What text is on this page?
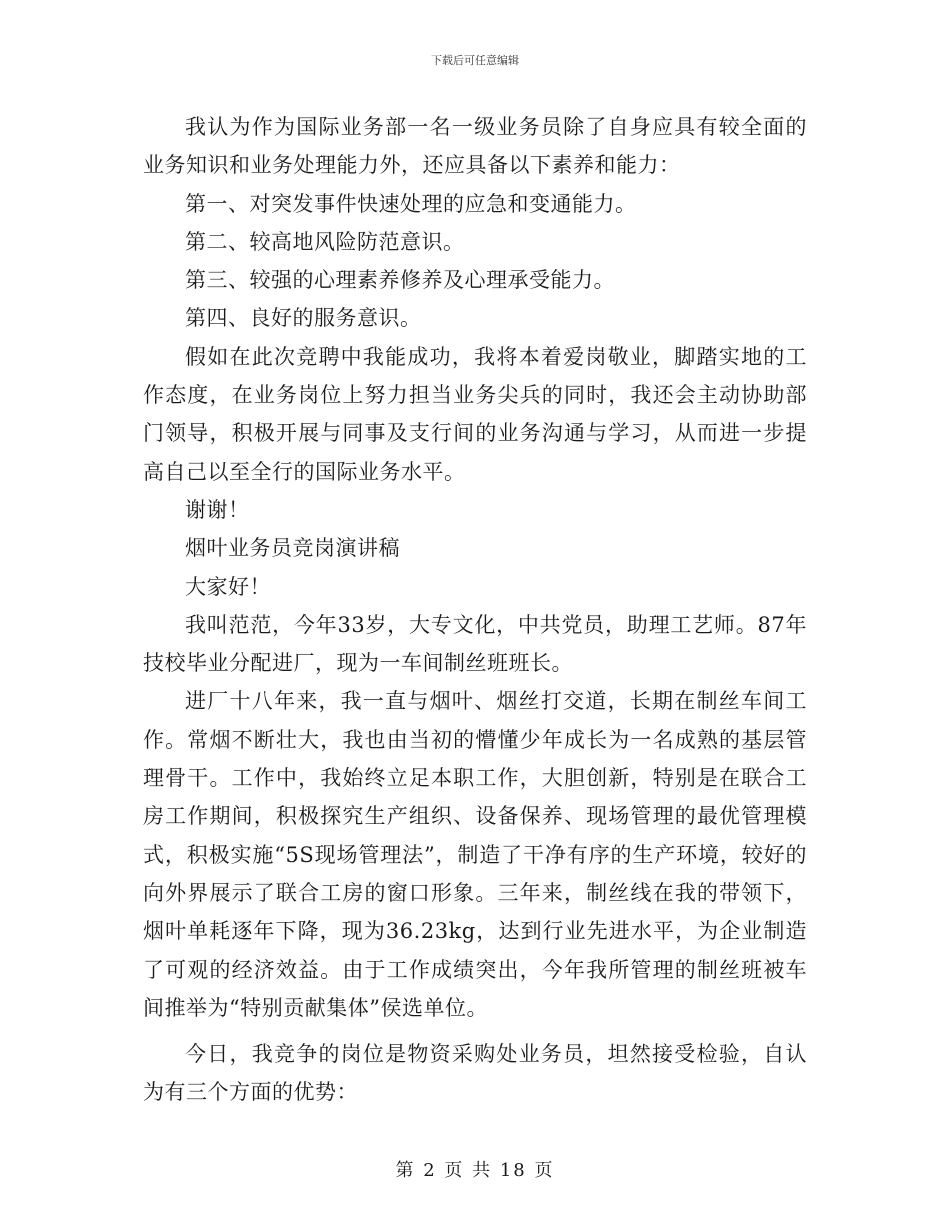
下载后可任意编辑

我认为作为国际业务部一名一级业务员除了自身应具有较全面的业务知识和业务处理能力外，还应具备以下素养和能力：

第一、对突发事件快速处理的应急和变通能力。

第二、较高地风险防范意识。

第三、较强的心理素养修养及心理承受能力。

第四、良好的服务意识。

假如在此次竞聘中我能成功，我将本着爱岗敬业，脚踏实地的工作态度，在业务岗位上努力担当业务尖兵的同时，我还会主动协助部门领导，积极开展与同事及支行间的业务沟通与学习，从而进一步提高自己以至全行的国际业务水平。

谢谢！

烟叶业务员竞岗演讲稿

大家好！

我叫范范，今年33岁，大专文化，中共党员，助理工艺师。87年技校毕业分配进厂，现为一车间制丝班班长。

进厂十八年来，我一直与烟叶、烟丝打交道，长期在制丝车间工作。常烟不断壮大，我也由当初的懵懂少年成长为一名成熟的基层管理骨干。工作中，我始终立足本职工作，大胆创新，特别是在联合工房工作期间，积极探究生产组织、设备保养、现场管理的最优管理模式，积极实施“5S现场管理法”，制造了干净有序的生产环境，较好的向外界展示了联合工房的窗口形象。三年来，制丝线在我的带领下，烟叶单耗逐年下降，现为36.23kg，达到行业先进水平，为企业制造了可观的经济效益。由于工作成绩突出，今年我所管理的制丝班被车间推举为“特别贡献集体”侯选单位。

今日，我竞争的岗位是物资采购处业务员，坦然接受检验，自认为有三个方面的优势：

第 2 页 共 18 页
